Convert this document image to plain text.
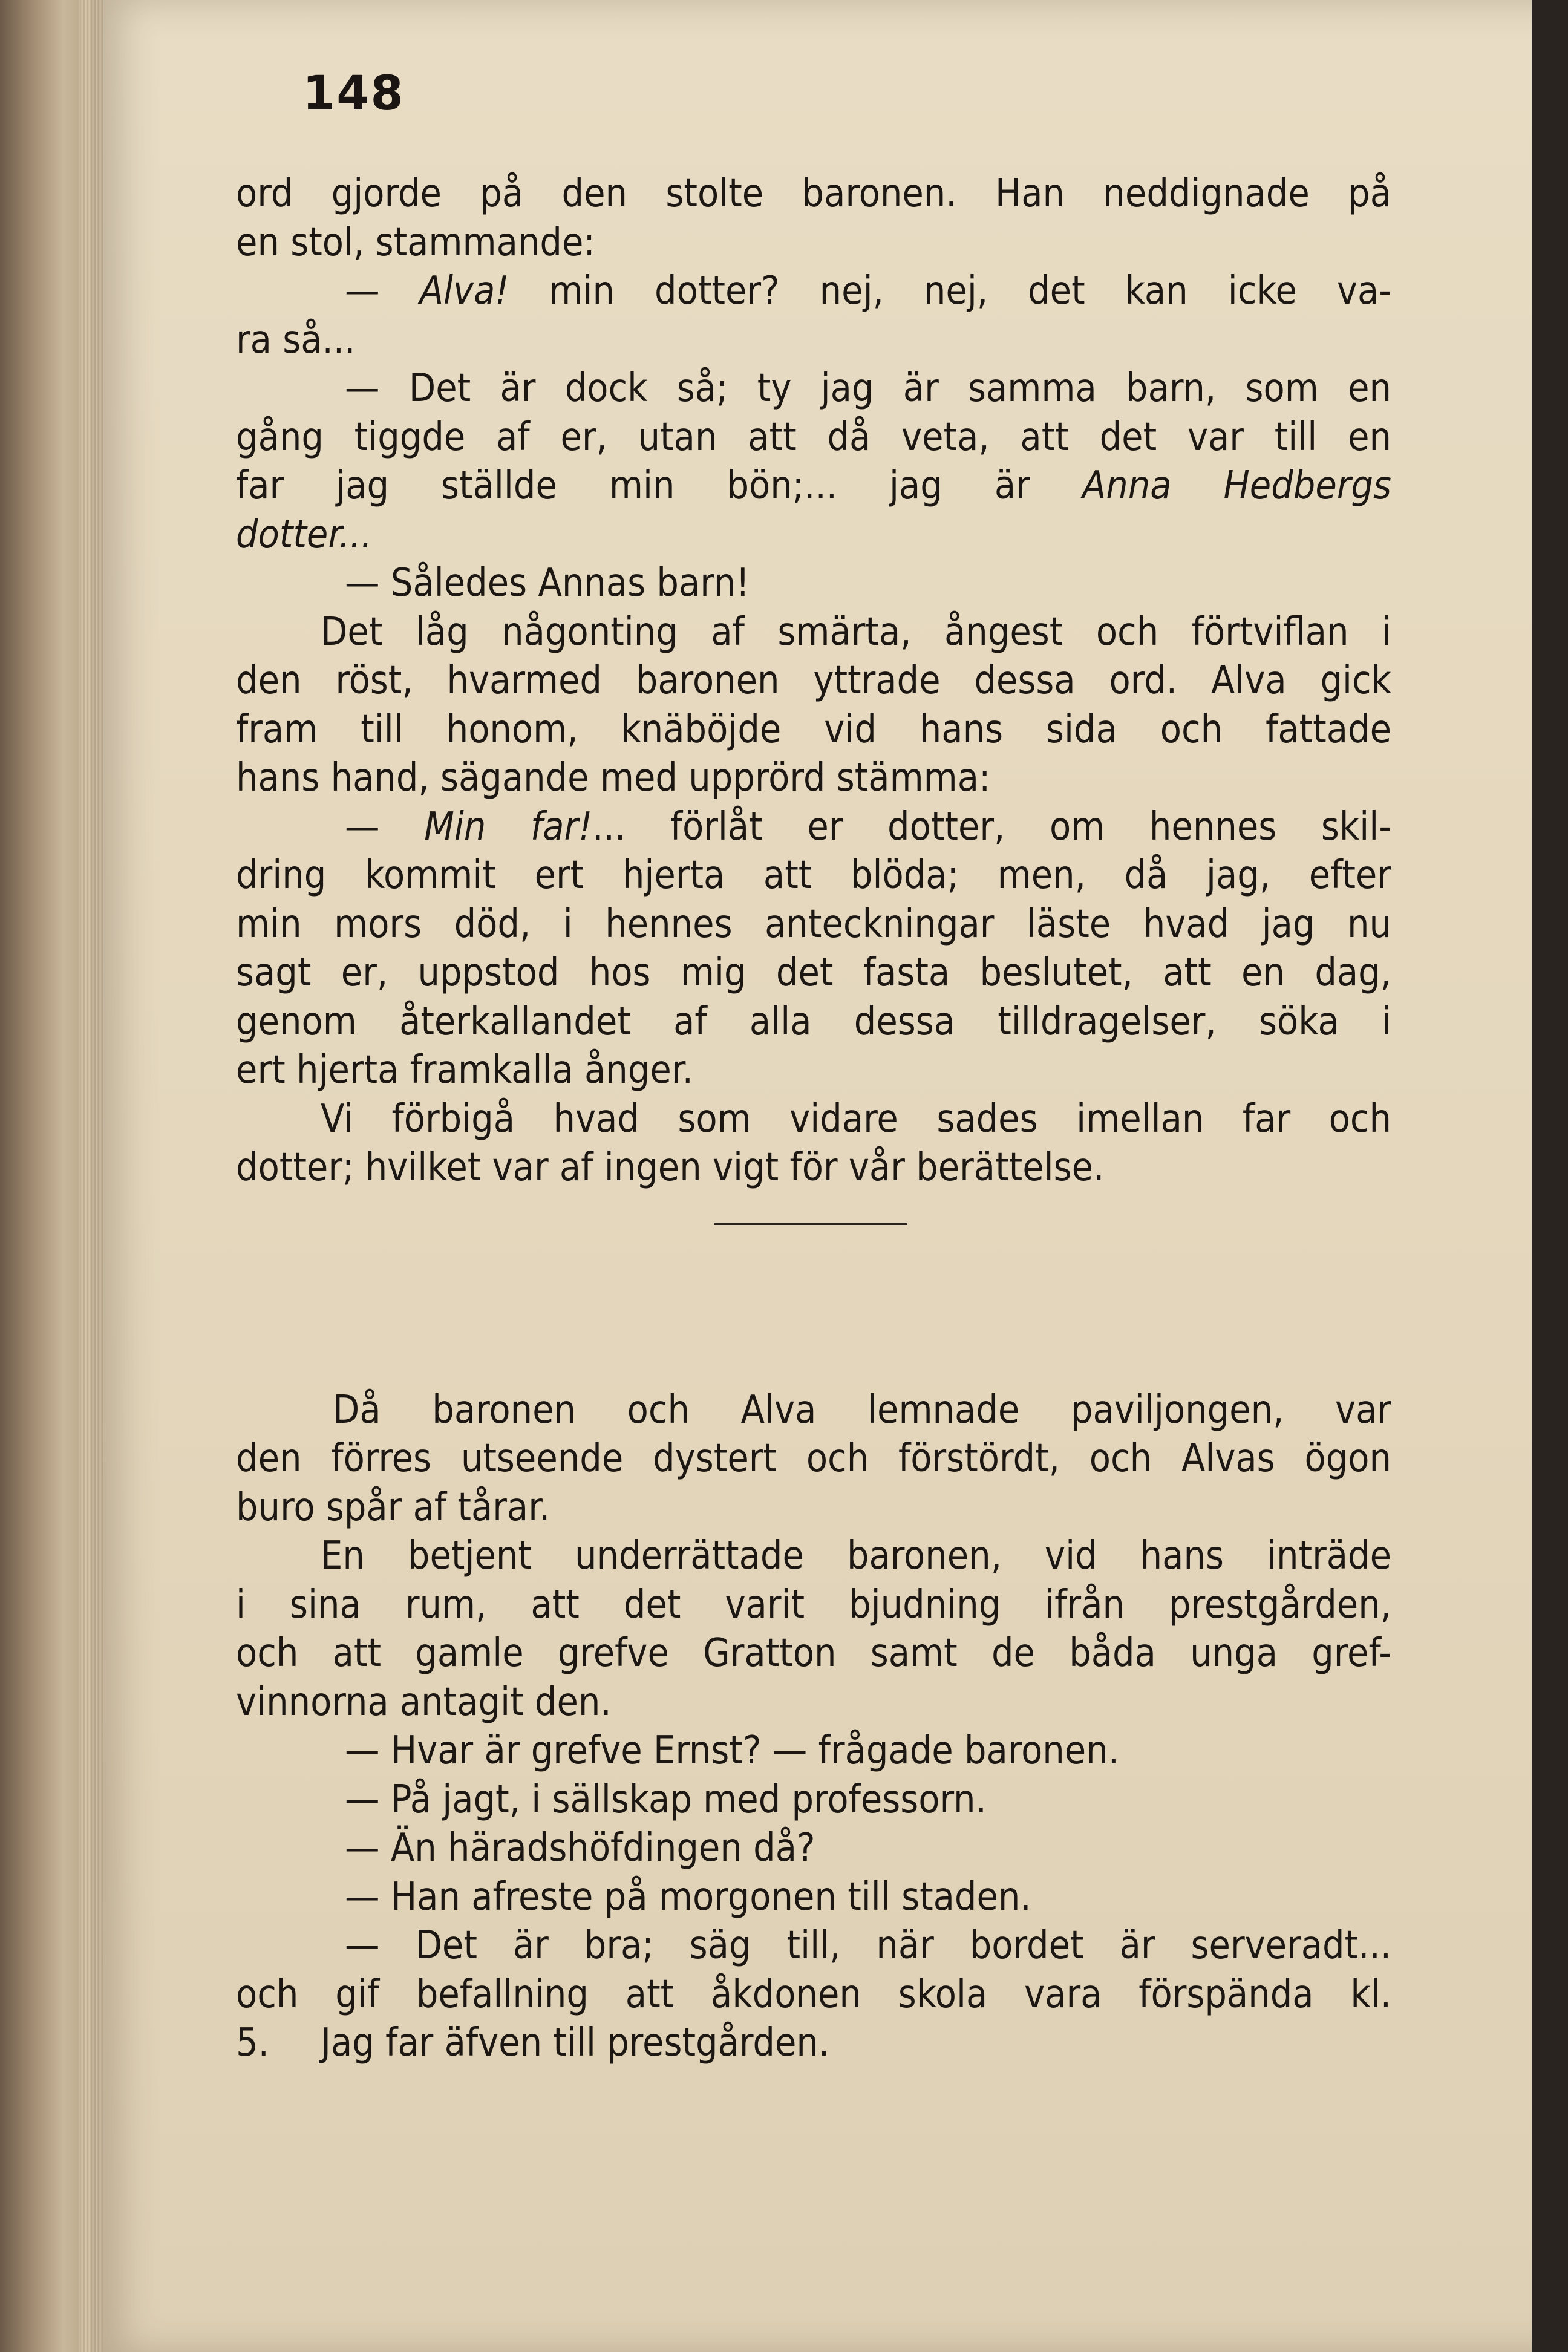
148
ord gjorde på den stolte baronen. Han neddignade på
en stol, stammande:
— Alva! min dotter? nej, nej, det kan icke va-
ra så...
— Det är dock så; ty jag är samma barn, som en
gång tiggde af er, utan att då veta, att det var till en
far jag ställde min bön;... jag är Anna Hedbergs
dotter...
— Således Annas barn!
Det låg någonting af smärta, ångest och förtviflan i
den röst, hvarmed baronen yttrade dessa ord. Alva gick
fram till honom, knäböjde vid hans sida och fattade
hans hand, sägande med upprörd stämma:
— Min far!... förlåt er dotter, om hennes skil-
dring kommit ert hjerta att blöda; men, då jag, efter
min mors död, i hennes anteckningar läste hvad jag nu
sagt er, uppstod hos mig det fasta beslutet, att en dag,
genom återkallandet af alla dessa tilldragelser, söka i
ert hjerta framkalla ånger.
Vi förbigå hvad som vidare sades imellan far och
dotter; hvilket var af ingen vigt för vår berättelse.
Då baronen och Alva lemnade paviljongen, var
den förres utseende dystert och förstördt, och Alvas ögon
buro spår af tårar.
En betjent underrättade baronen, vid hans inträde
i sina rum, att det varit bjudning ifrån prestgården,
och att gamle grefve Gratton samt de båda unga gref-
vinnorna antagit den.
— Hvar är grefve Ernst? — frågade baronen.
— På jagt, i sällskap med professorn.
— Än häradshöfdingen då?
— Han afreste på morgonen till staden.
— Det är bra; säg till, när bordet är serveradt...
och gif befallning att åkdonen skola vara förspända kl.
5. Jag far äfven till prestgården.
